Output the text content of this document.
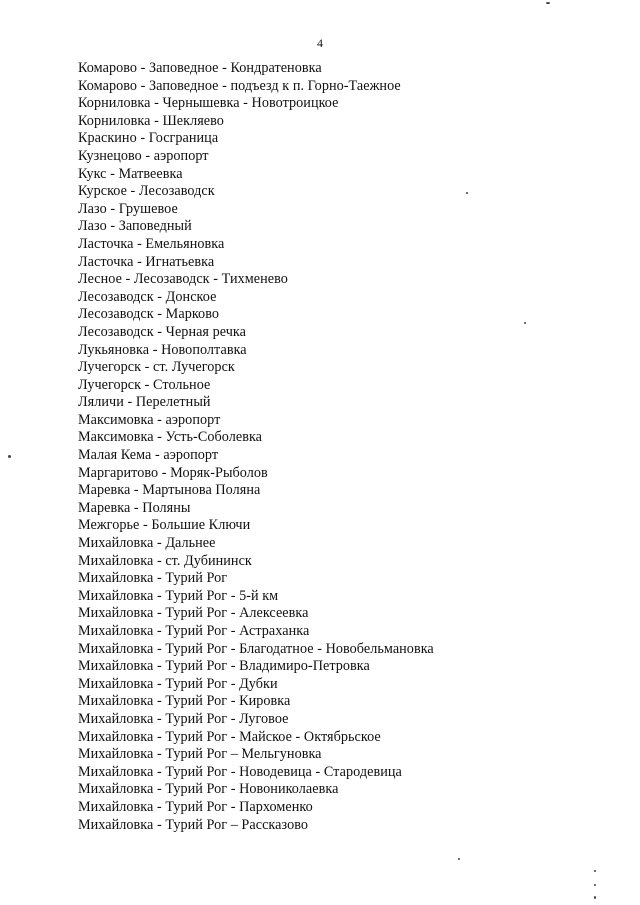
4
Комарово - Заповедное - Кондратеновка
Комарово - Заповедное - подъезд к п. Горно-Таежное
Корниловка - Чернышевка - Новотроицкое
Корниловка - Шекляево
Краскино - Госграница
Кузнецово - аэропорт
Кукс - Матвеевка
Курское - Лесозаводск
Лазо - Грушевое
Лазо - Заповедный
Ласточка - Емельяновка
Ласточка - Игнатьевка
Лесное - Лесозаводск - Тихменево
Лесозаводск - Донское
Лесозаводск - Марково
Лесозаводск - Черная речка
Лукьяновка - Новополтавка
Лучегорск - ст. Лучегорск
Лучегорск - Стольное
Ляличи - Перелетный
Максимовка - аэропорт
Максимовка - Усть-Соболевка
Малая Кема - аэропорт
Маргаритово - Моряк-Рыболов
Маревка - Мартынова Поляна
Маревка - Поляны
Межгорье - Большие Ключи
Михайловка - Дальнее
Михайловка - ст. Дубининск
Михайловка - Турий Рог
Михайловка - Турий Рог - 5-й км
Михайловка - Турий Рог - Алексеевка
Михайловка - Турий Рог - Астраханка
Михайловка - Турий Рог - Благодатное - Новобельмановка
Михайловка - Турий Рог - Владимиро-Петровка
Михайловка - Турий Рог - Дубки
Михайловка - Турий Рог - Кировка
Михайловка - Турий Рог - Луговое
Михайловка - Турий Рог - Майское - Октябрьское
Михайловка - Турий Рог – Мельгуновка
Михайловка - Турий Рог - Новодевица - Стародевица
Михайловка - Турий Рог - Новониколаевка
Михайловка - Турий Рог - Пархоменко
Михайловка - Турий Рог – Рассказово
